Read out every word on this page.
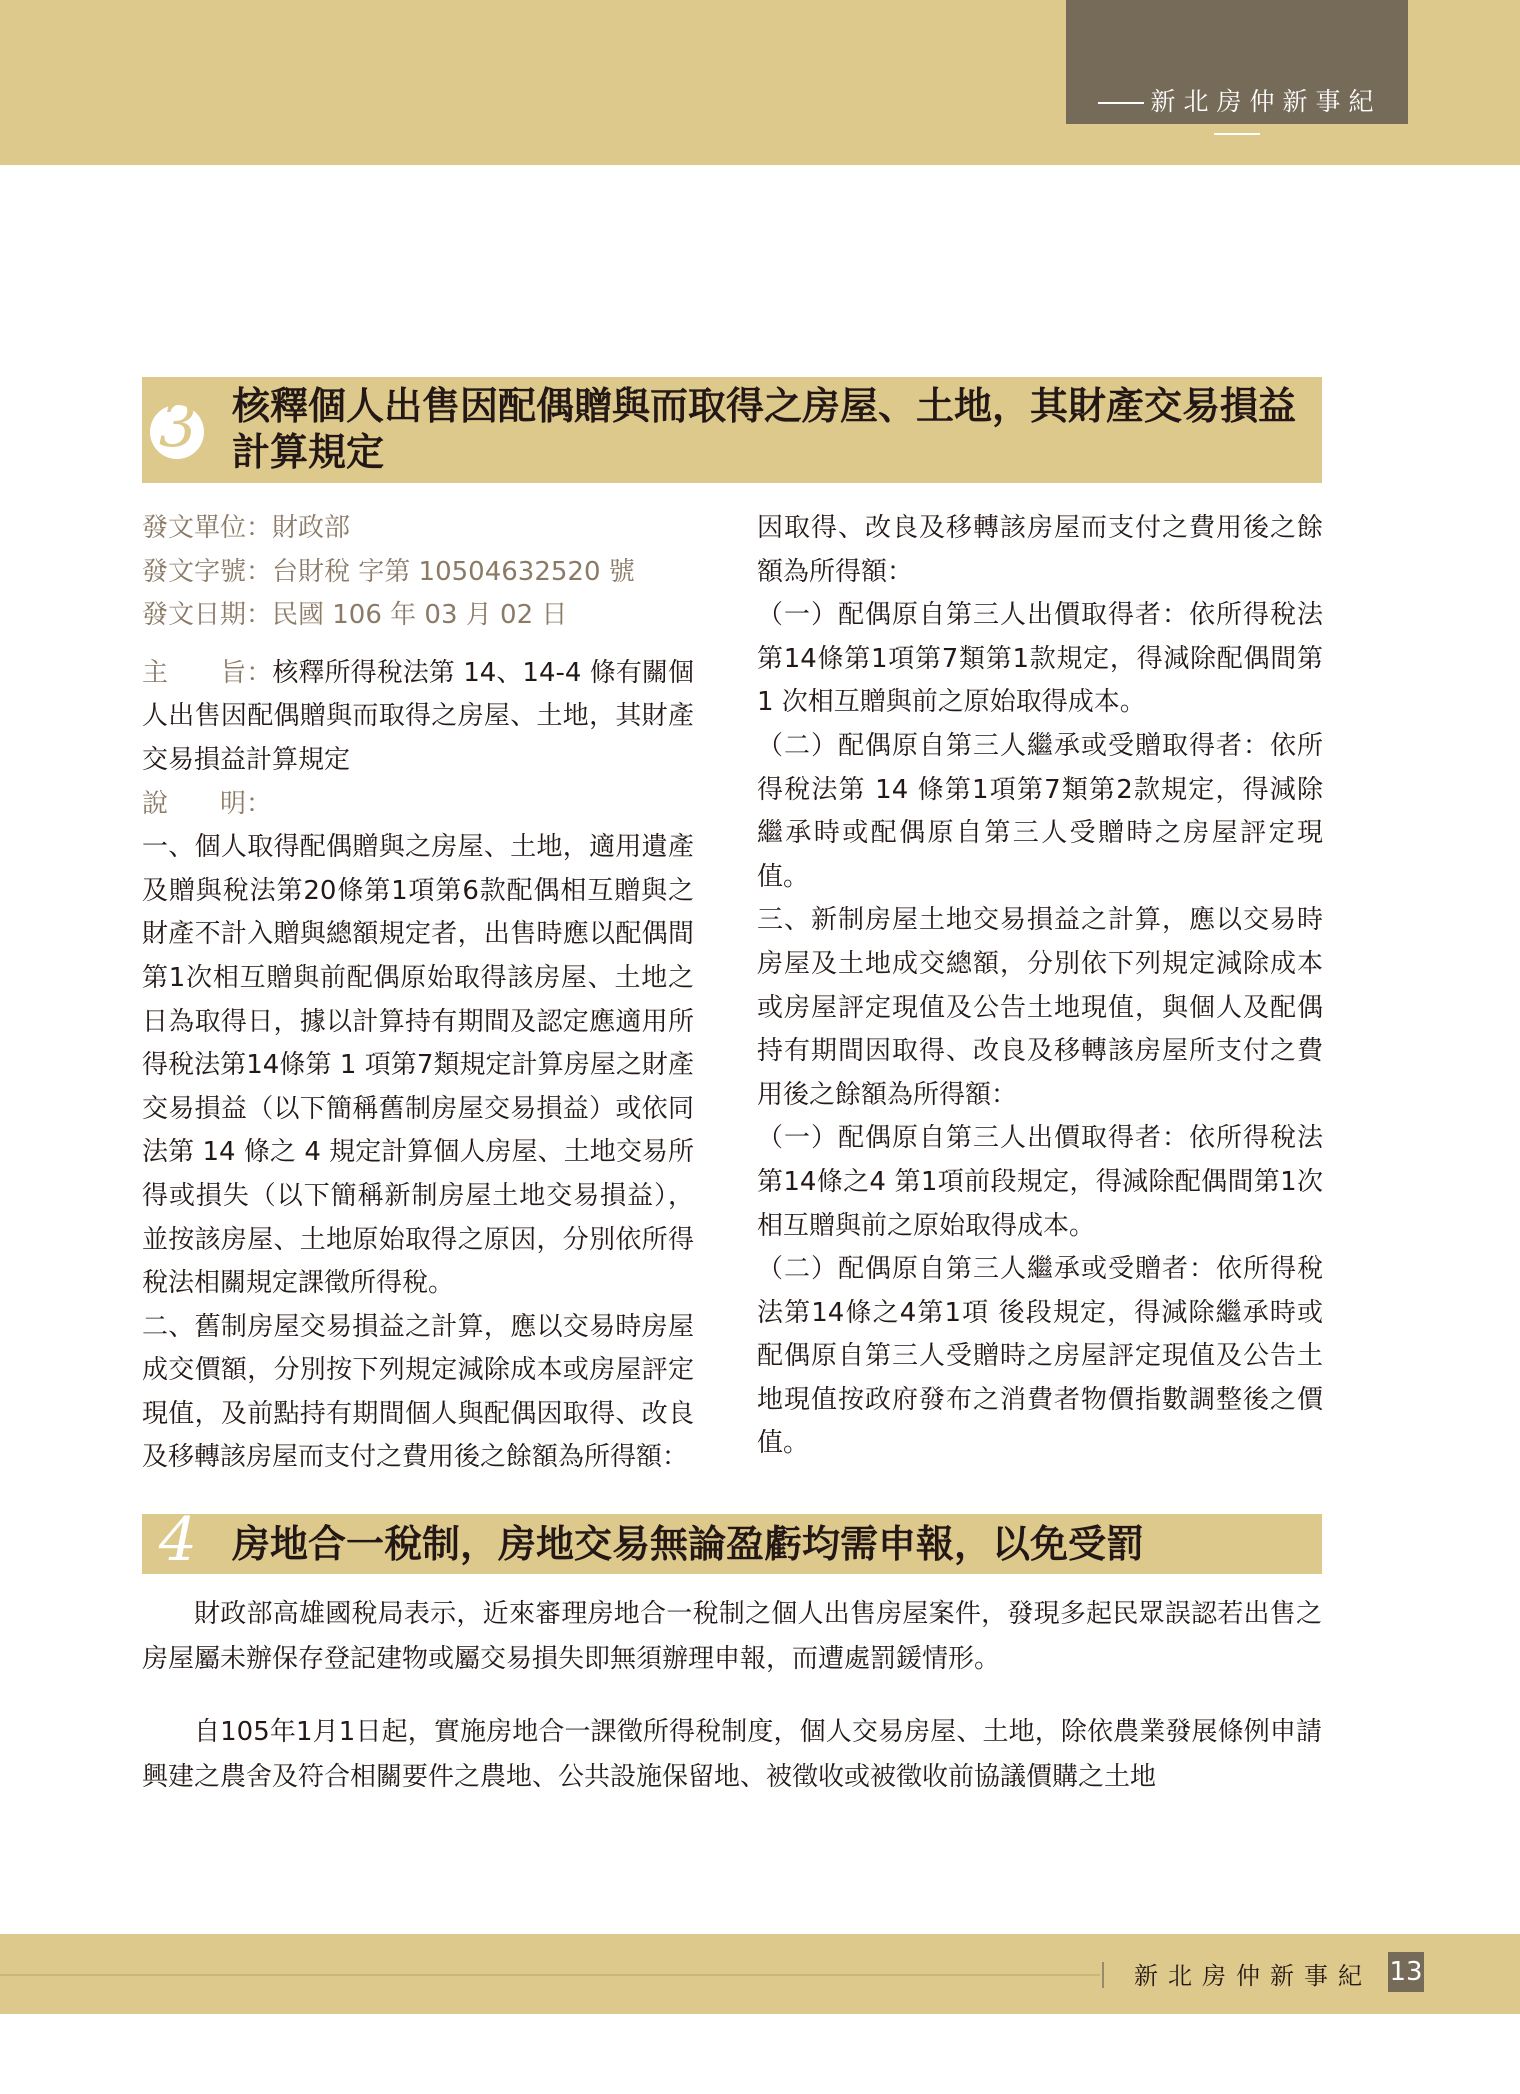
新北房仲新事紀
3 核釋個人出售因配偶贈與而取得之房屋、土地，其財產交易損益計算規定

發文單位：財政部

發文字號：台財稅 字第 10504632520 號

發文日期：民國 106 年 03 月 02 日

主　　旨：核釋所得稅法第 14、14-4 條有關個人出售因配偶贈與而取得之房屋、土地，其財產交易損益計算規定

說　　明：

一、個人取得配偶贈與之房屋、土地，適用遺產及贈與稅法第20條第1項第6款配偶相互贈與之財產不計入贈與總額規定者，出售時應以配偶間第1次相互贈與前配偶原始取得該房屋、土地之日為取得日，據以計算持有期間及認定應適用所得稅法第14條第 1 項第7類規定計算房屋之財產交易損益（以下簡稱舊制房屋交易損益）或依同法第 14 條之 4 規定計算個人房屋、土地交易所得或損失（以下簡稱新制房屋土地交易損益），並按該房屋、土地原始取得之原因，分別依所得稅法相關規定課徵所得稅。

二、舊制房屋交易損益之計算，應以交易時房屋成交價額，分別按下列規定減除成本或房屋評定現值，及前點持有期間個人與配偶因取得、改良及移轉該房屋而支付之費用後之餘額為所得額：

因取得、改良及移轉該房屋而支付之費用後之餘額為所得額：

（一）配偶原自第三人出價取得者：依所得稅法第14條第1項第7類第1款規定，得減除配偶間第1 次相互贈與前之原始取得成本。

（二）配偶原自第三人繼承或受贈取得者：依所得稅法第 14 條第1項第7類第2款規定，得減除繼承時或配偶原自第三人受贈時之房屋評定現值。

三、新制房屋土地交易損益之計算，應以交易時房屋及土地成交總額，分別依下列規定減除成本或房屋評定現值及公告土地現值，與個人及配偶持有期間因取得、改良及移轉該房屋所支付之費用後之餘額為所得額：

（一）配偶原自第三人出價取得者：依所得稅法第14條之4 第1項前段規定，得減除配偶間第1次相互贈與前之原始取得成本。

（二）配偶原自第三人繼承或受贈者：依所得稅法第14條之4第1項 後段規定，得減除繼承時或配偶原自第三人受贈時之房屋評定現值及公告土地現值按政府發布之消費者物價指數調整後之價值。

4 房地合一稅制，房地交易無論盈虧均需申報，以免受罰

財政部高雄國稅局表示，近來審理房地合一稅制之個人出售房屋案件，發現多起民眾誤認若出售之房屋屬未辦保存登記建物或屬交易損失即無須辦理申報，而遭處罰鍰情形。

自105年1月1日起，實施房地合一課徵所得稅制度，個人交易房屋、土地，除依農業發展條例申請興建之農舍及符合相關要件之農地、公共設施保留地、被徵收或被徵收前協議價購之土地

新北房仲新事紀 13
